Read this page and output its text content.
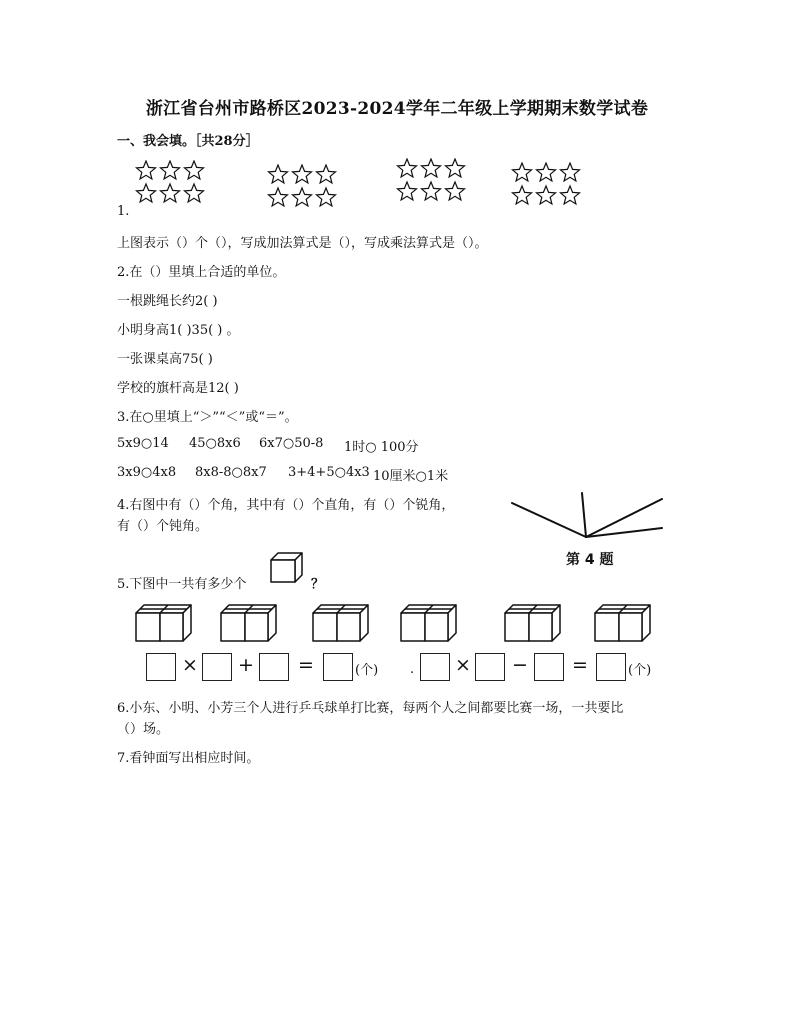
浙江省台州市路桥区2023-2024学年二年级上学期期末数学试卷
一、我会填。［共28分］
1.
上图表示（）个（），写成加法算式是（），写成乘法算式是（）。
2.在（）里填上合适的单位。
一根跳绳长约2( )
小明身高1( )35( ) 。
一张课桌高75( )
学校的旗杆高是12( )
3.在○里填上“＞”“＜”或“＝”。
5x9○14 45○8x6 6x7○50-8 1时○ 100分
3x9○4x8 8x8-8○8x7 3+4+5○4x3 10厘米○1米
4.右图中有（）个角，其中有（）个直角，有（）个锐角，
有（）个钝角。
第 4 题
5.下图中一共有多少个	？
× + =	(个) . × − =	(个)
6.小东、小明、小芳三个人进行乒乓球单打比赛，每两个人之间都要比赛一场，一共要比
（）场。
7.看钟面写出相应时间。
